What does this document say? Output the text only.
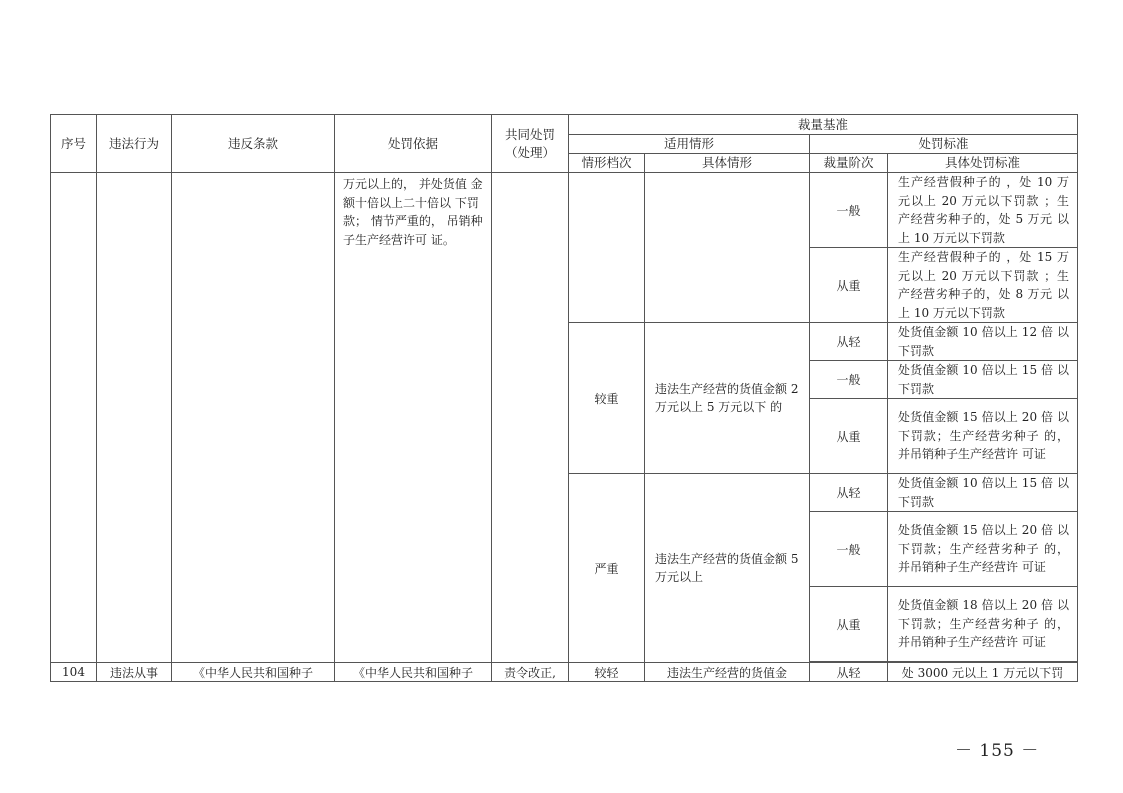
序号	违法行为	违反条款	处罚依据	共同处罚
（处理）	裁量基准			
					适用情形		处罚标准	
					情形档次	具体情形	裁量阶次	具体处罚标准
			万元以上的， 并处货值 金额十倍以上二十倍以 下罚款； 情节严重的， 吊销种子生产经营许可 证。				一般	生产经营假种子的 ，处 10 万 元以上 20 万元以下罚款 ；生 产经营劣种子的，处 5 万元 以上 10 万元以下罚款
							从重	生产经营假种子的 ，处 15 万 元以上 20 万元以下罚款 ；生 产经营劣种子的，处 8 万元 以上 10 万元以下罚款
					较重	违法生产经营的货值金额 2 万元以上 5 万元以下 的	从轻	处货值金额 10 倍以上 12 倍 以下罚款
							一般	处货值金额 10 倍以上 15 倍 以下罚款
							从重	处货值金额 15 倍以上 20 倍 以下罚款；生产经营劣种子 的，并吊销种子生产经营许 可证
					严重	违法生产经营的货值金额 5 万元以上	从轻	处货值金额 10 倍以上 15 倍 以下罚款
							一般	处货值金额 15 倍以上 20 倍 以下罚款；生产经营劣种子 的，并吊销种子生产经营许 可证
							从重	处货值金额 18 倍以上 20 倍 以下罚款；生产经营劣种子 的，并吊销种子生产经营许 可证

104	违法从事	《中华人民共和国种子	《中华人民共和国种子	责令改正,	较轻	违法生产经营的货值金	从轻	处 3000 元以上 1 万元以下罚
－ 155 －
